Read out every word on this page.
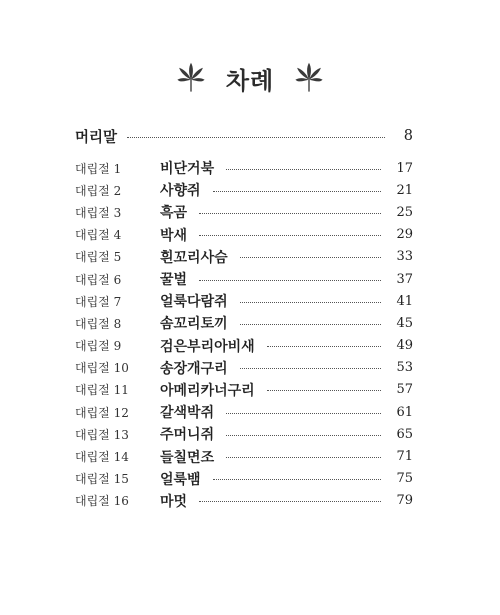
차례
머리말	8
대립절 1	비단거북	17
대립절 2	사향쥐	21
대립절 3	흑곰	25
대립절 4	박새	29
대립절 5	흰꼬리사슴	33
대립절 6	꿀벌	37
대립절 7	얼룩다람쥐	41
대립절 8	솜꼬리토끼	45
대립절 9	검은부리아비새	49
대립절 10	송장개구리	53
대립절 11	아메리카너구리	57
대립절 12	갈색박쥐	61
대립절 13	주머니쥐	65
대립절 14	들칠면조	71
대립절 15	얼룩뱀	75
대립절 16	마멋	79
